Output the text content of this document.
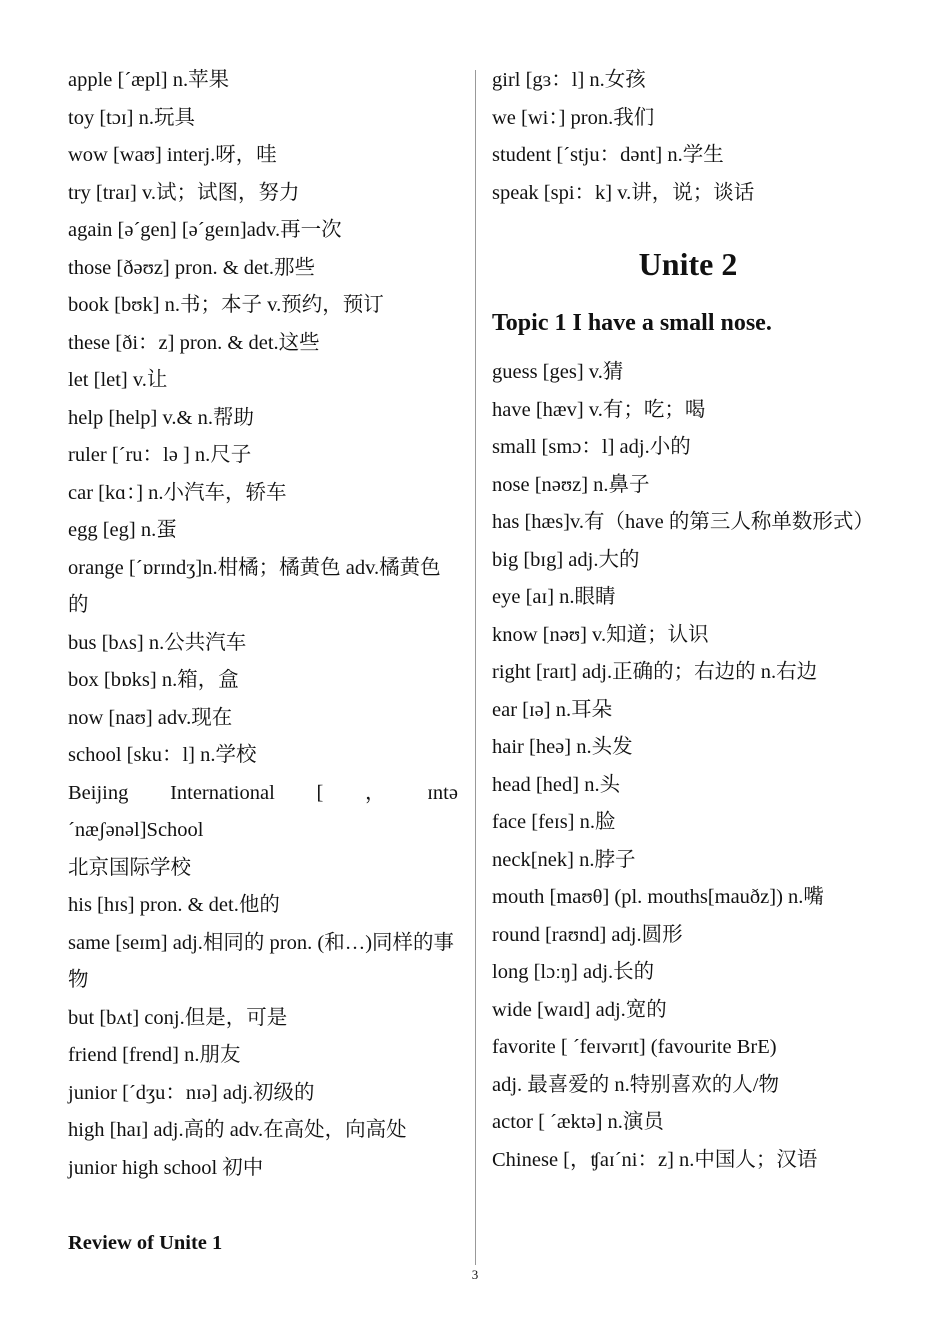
apple [ˊæpl] n.苹果
toy [tɔɪ] n.玩具
wow [waʊ] interj.呀，哇
try [traɪ] v.试；试图，努力
again [əˊgen] [əˊgeɪn]adv.再一次
those [ðəʊz] pron. & det.那些
book [bʊk] n.书；本子 v.预约，预订
these [ði：z] pron. & det.这些
let [let] v.让
help [help] v.& n.帮助
ruler [ˊru：lə ] n.尺子
car [kɑ：] n.小汽车，轿车
egg [eg] n.蛋
orange [ˊɒrɪndʒ]n.柑橘；橘黄色 adv.橘黄色的
bus [bʌs] n.公共汽车
box [bɒks] n.箱，盒
now [naʊ] adv.现在
school [sku：l] n.学校
Beijing International [ ， ɪntə
ˊnæʃənəl]School
北京国际学校
his [hɪs] pron. & det.他的
same [seɪm] adj.相同的 pron. (和…)同样的事物
but [bʌt] conj.但是，可是
friend [frend] n.朋友
junior [ˊdʒu：nɪə] adj.初级的
high [haɪ] adj.高的 adv.在高处，向高处
junior high school 初中
Review of Unite 1
girl [gɜ：l] n.女孩
we [wi：] pron.我们
student [ˊstju：dənt] n.学生
speak [spi：k] v.讲，说；谈话
Unite 2
Topic 1 I have a small nose.
guess [ges] v.猜
have [hæv] v.有；吃；喝
small [smɔ：l] adj.小的
nose [nəʊz] n.鼻子
has [hæs]v.有（have 的第三人称单数形式）
big [bɪg] adj.大的
eye [aɪ] n.眼睛
know [nəʊ] v.知道；认识
right [raɪt] adj.正确的；右边的 n.右边
ear [ɪə] n.耳朵
hair [heə] n.头发
head [hed] n.头
face [feɪs] n.脸
neck[nek] n.脖子
mouth [maʊθ] (pl. mouths[mauðz]) n.嘴
round [raʊnd] adj.圆形
long [lɔːŋ] adj.长的
wide [waɪd] adj.宽的
favorite [ ˊfeɪvərɪt] (favourite BrE)
adj. 最喜爱的 n.特别喜欢的人/物
actor [ ˊæktə] n.演员
Chinese [，ʧaɪˊni：z] n.中国人；汉语
3
